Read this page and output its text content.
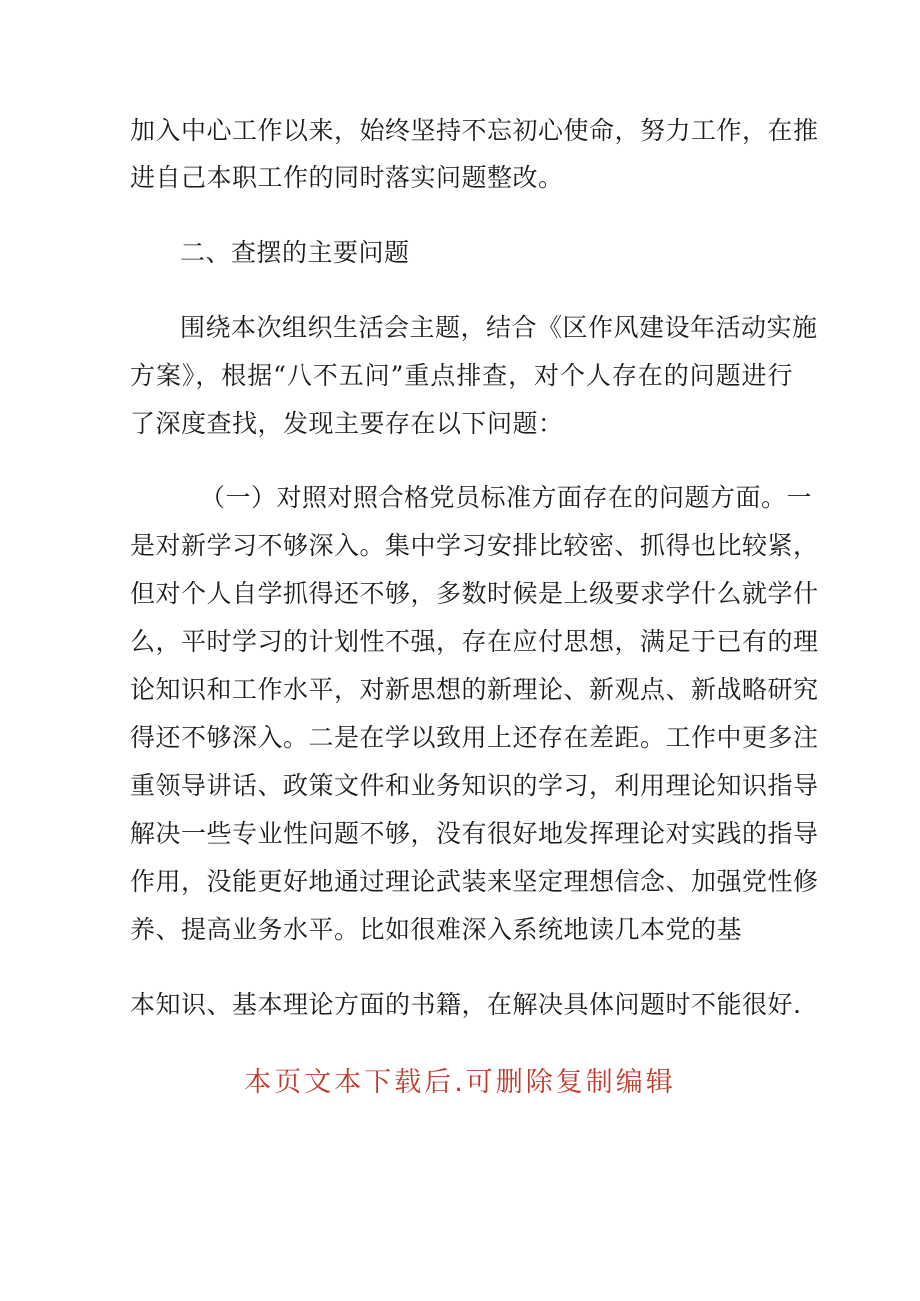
加入中心工作以来，始终坚持不忘初心使命，努力工作，在推
进自己本职工作的同时落实问题整改。
二、查摆的主要问题
围绕本次组织生活会主题，结合《区作风建设年活动实施
方案》，根据“八不五问”重点排查，对个人存在的问题进行
了深度查找，发现主要存在以下问题：
（一）对照对照合格党员标准方面存在的问题方面。一
是对新学习不够深入。集中学习安排比较密、抓得也比较紧，
但对个人自学抓得还不够，多数时候是上级要求学什么就学什
么，平时学习的计划性不强，存在应付思想，满足于已有的理
论知识和工作水平，对新思想的新理论、新观点、新战略研究
得还不够深入。二是在学以致用上还存在差距。工作中更多注
重领导讲话、政策文件和业务知识的学习，利用理论知识指导
解决一些专业性问题不够，没有很好地发挥理论对实践的指导
作用，没能更好地通过理论武装来坚定理想信念、加强党性修
养、提高业务水平。比如很难深入系统地读几本党的基
本知识、基本理论方面的书籍，在解决具体问题时不能很好.
本页文本下载后.可删除复制编辑
